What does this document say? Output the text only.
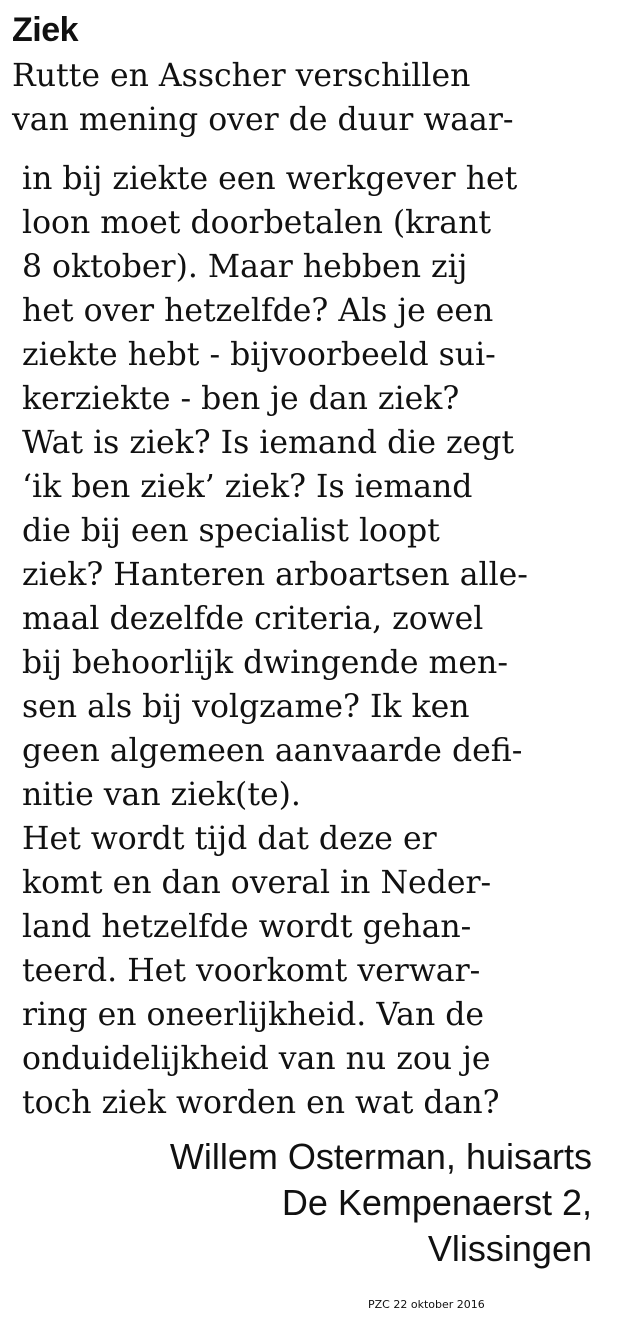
Ziek

Rutte en Asscher verschillen

van mening over de duur waar-

in bij ziekte een werkgever het

loon moet doorbetalen (krant

8 oktober). Maar hebben zij

het over hetzelfde? Als je een

ziekte hebt - bijvoorbeeld sui-

kerziekte - ben je dan ziek?

Wat is ziek? Is iemand die zegt

‘ik ben ziek’ ziek? Is iemand

die bij een specialist loopt

ziek? Hanteren arboartsen alle-

maal dezelfde criteria, zowel

bij behoorlijk dwingende men-

sen als bij volgzame? Ik ken

geen algemeen aanvaarde defi-

nitie van ziek(te).

Het wordt tijd dat deze er

komt en dan overal in Neder-

land hetzelfde wordt gehan-

teerd. Het voorkomt verwar-

ring en oneerlijkheid. Van de

onduidelijkheid van nu zou je

toch ziek worden en wat dan?

Willem Osterman, huisarts

De Kempenaerst 2,

Vlissingen

PZC 22 oktober 2016
